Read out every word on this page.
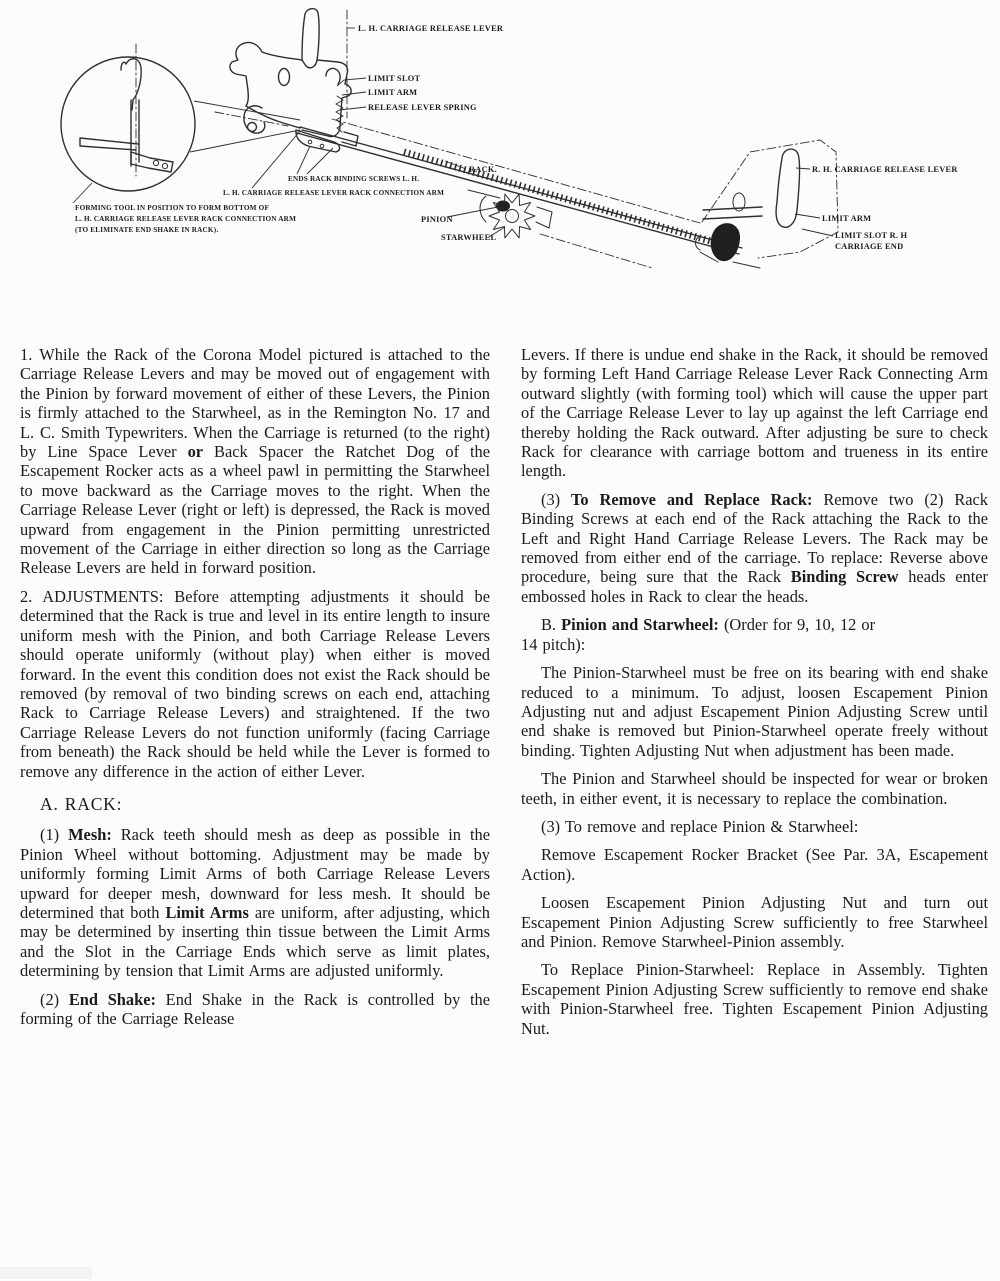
L. H. CARRIAGE RELEASE LEVER
LIMIT SLOT
LIMIT ARM
RELEASE LEVER SPRING
RACK.
ENDS RACK BINDING SCREWS L. H.
L. H. CARRIAGE RELEASE LEVER RACK CONNECTION ARM
FORMING TOOL IN POSITION TO FORM BOTTOM OF
L. H. CARRIAGE RELEASE LEVER RACK CONNECTION ARM
(TO ELIMINATE END SHAKE IN RACK).
PINION
STARWHEEL
R. H. CARRIAGE RELEASE LEVER
LIMIT ARM
LIMIT SLOT R. H
CARRIAGE END

1. While the Rack of the Corona Model pictured is attached to the Carriage Release Levers and may be moved out of engagement with the Pinion by forward movement of either of these Levers, the Pinion is firmly attached to the Starwheel, as in the Remington No. 17 and L. C. Smith Typewriters. When the Carriage is returned (to the right) by Line Space Lever or Back Spacer the Ratchet Dog of the Escapement Rocker acts as a wheel pawl in permitting the Starwheel to move backward as the Carriage moves to the right. When the Carriage Release Lever (right or left) is depressed, the Rack is moved upward from engagement in the Pinion permitting unrestricted movement of the Carriage in either direction so long as the Carriage Release Levers are held in forward position.

2. ADJUSTMENTS: Before attempting adjustments it should be determined that the Rack is true and level in its entire length to insure uniform mesh with the Pinion, and both Carriage Release Levers should operate uniformly (without play) when either is moved forward. In the event this condition does not exist the Rack should be removed (by removal of two binding screws on each end, attaching Rack to Carriage Release Levers) and straightened. If the two Carriage Release Levers do not function uniformly (facing Carriage from beneath) the Rack should be held while the Lever is formed to remove any difference in the action of either Lever.

A. RACK:

(1) Mesh: Rack teeth should mesh as deep as possible in the Pinion Wheel without bottoming. Adjustment may be made by uniformly forming Limit Arms of both Carriage Release Levers upward for deeper mesh, downward for less mesh. It should be determined that both Limit Arms are uniform, after adjusting, which may be determined by inserting thin tissue between the Limit Arms and the Slot in the Carriage Ends which serve as limit plates, determining by tension that Limit Arms are adjusted uniformly.

(2) End Shake: End Shake in the Rack is controlled by the forming of the Carriage Release

Levers. If there is undue end shake in the Rack, it should be removed by forming Left Hand Carriage Release Lever Rack Connecting Arm outward slightly (with forming tool) which will cause the upper part of the Carriage Release Lever to lay up against the left Carriage end thereby holding the Rack outward. After adjusting be sure to check Rack for clearance with carriage bottom and trueness in its entire length.

(3) To Remove and Replace Rack: Remove two (2) Rack Binding Screws at each end of the Rack attaching the Rack to the Left and Right Hand Carriage Release Levers. The Rack may be removed from either end of the carriage. To replace: Reverse above procedure, being sure that the Rack Binding Screw heads enter embossed holes in Rack to clear the heads.

B. Pinion and Starwheel: (Order for 9, 10, 12 or
14 pitch):

The Pinion-Starwheel must be free on its bearing with end shake reduced to a minimum. To adjust, loosen Escapement Pinion Adjusting nut and adjust Escapement Pinion Adjusting Screw until end shake is removed but Pinion-Starwheel operate freely without binding. Tighten Adjusting Nut when adjustment has been made.

The Pinion and Starwheel should be inspected for wear or broken teeth, in either event, it is necessary to replace the combination.

(3) To remove and replace Pinion & Starwheel:

Remove Escapement Rocker Bracket (See Par. 3A, Escapement Action).

Loosen Escapement Pinion Adjusting Nut and turn out Escapement Pinion Adjusting Screw sufficiently to free Starwheel and Pinion. Remove Starwheel-Pinion assembly.

To Replace Pinion-Starwheel: Replace in Assembly. Tighten Escapement Pinion Adjusting Screw sufficiently to remove end shake with Pinion-Starwheel free. Tighten Escapement Pinion Adjusting Nut.
